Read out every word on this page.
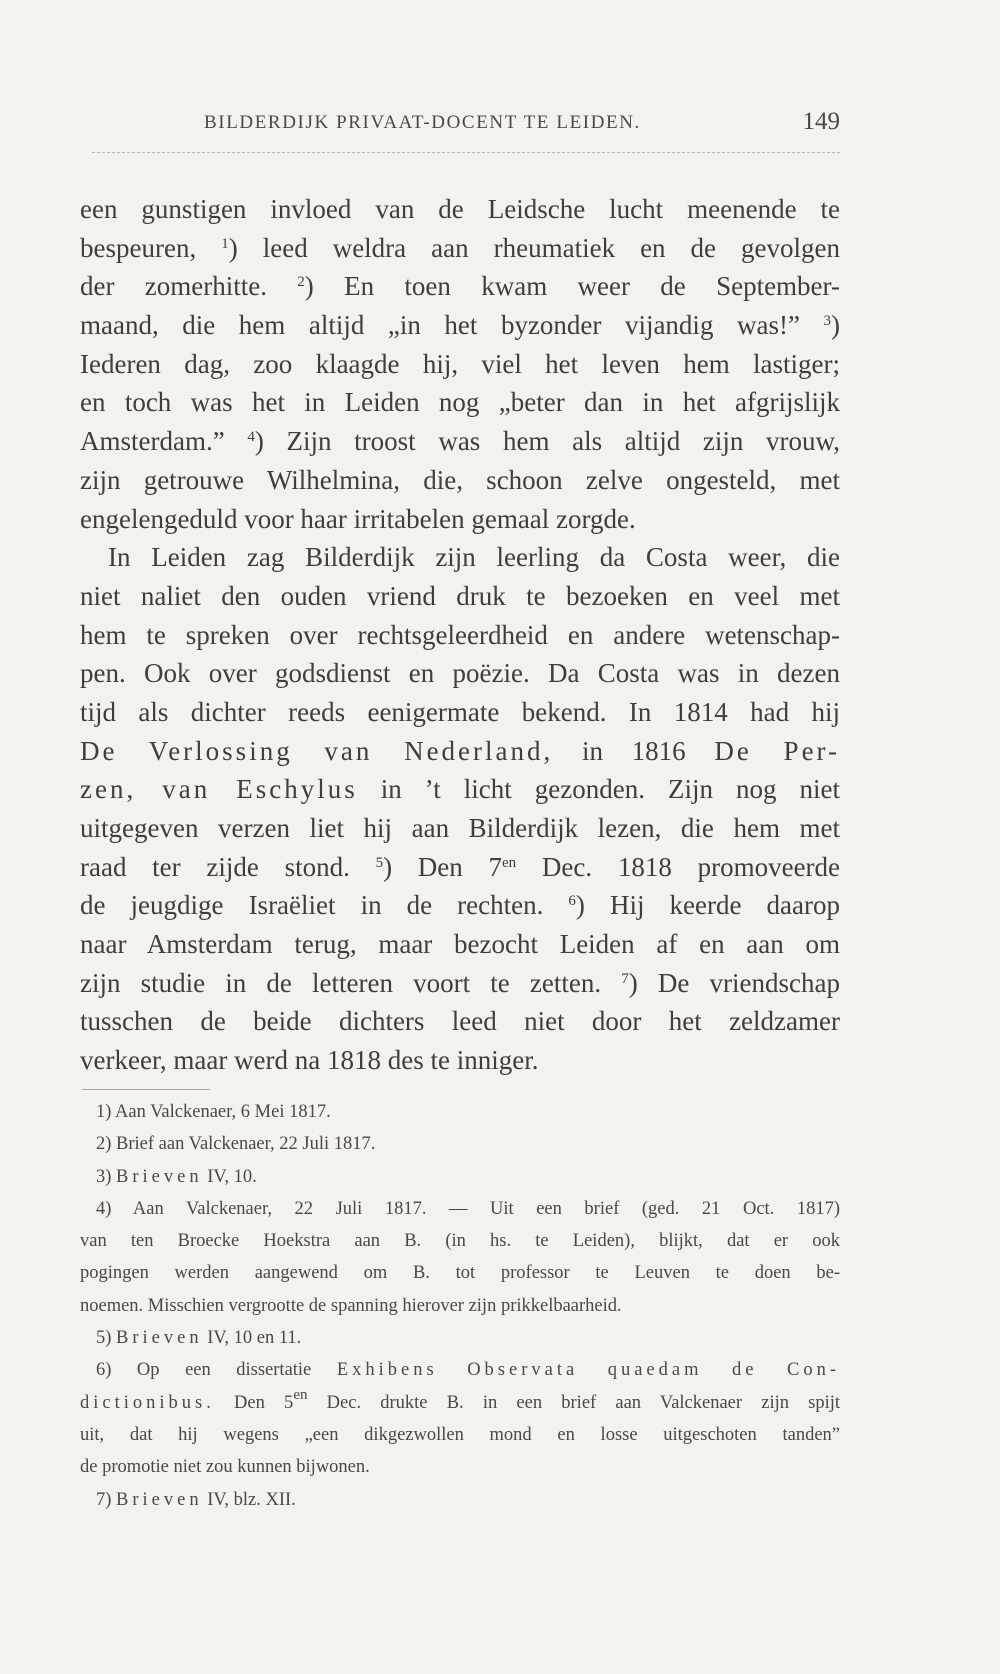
BILDERDIJK PRIVAAT-DOCENT TE LEIDEN.	149
een gunstigen invloed van de Leidsche lucht meenende te
bespeuren, $^1$) leed weldra aan rheumatiek en de gevolgen
der zomerhitte. $^2$) En toen kwam weer de September-
maand, die hem altijd „in het byzonder vijandig was!” $^3$)
Iederen dag, zoo klaagde hij, viel het leven hem lastiger;
en toch was het in Leiden nog „beter dan in het afgrijslijk
Amsterdam.” $^4$) Zijn troost was hem als altijd zijn vrouw,
zijn getrouwe Wilhelmina, die, schoon zelve ongesteld, met
engelengeduld voor haar irritabelen gemaal zorgde.
In Leiden zag Bilderdijk zijn leerling da Costa weer, die
niet naliet den ouden vriend druk te bezoeken en veel met
hem te spreken over rechtsgeleerdheid en andere wetenschap-
pen. Ook over godsdienst en poëzie. Da Costa was in dezen
tijd als dichter reeds eenigermate bekend. In 1814 had hij
De Verlossing van Nederland, in 1816 De Per-
zen, van Eschylus in ’t licht gezonden. Zijn nog niet
uitgegeven verzen liet hij aan Bilderdijk lezen, die hem met
raad ter zijde stond. $^5$) Den $7^{en}$ Dec. 1818 promoveerde
de jeugdige Israëliet in de rechten. $^6$) Hij keerde daarop
naar Amsterdam terug, maar bezocht Leiden af en aan om
zijn studie in de letteren voort te zetten. $^7$) De vriendschap
tusschen de beide dichters leed niet door het zeldzamer
verkeer, maar werd na 1818 des te inniger.
1) Aan Valckenaer, 6 Mei 1817.
2) Brief aan Valckenaer, 22 Juli 1817.
3) Brieven IV, 10.
4) Aan Valckenaer, 22 Juli 1817. — Uit een brief (ged. 21 Oct. 1817)
van ten Broecke Hoekstra aan B. (in hs. te Leiden), blijkt, dat er ook
pogingen werden aangewend om B. tot professor te Leuven te doen be-
noemen. Misschien vergrootte de spanning hierover zijn prikkelbaarheid.
5) Brieven IV, 10 en 11.
6) Op een dissertatie Exhibens Observata quaedam de Con-
dictionibus. Den $5^{en}$ Dec. drukte B. in een brief aan Valckenaer zijn spijt
uit, dat hij wegens „een dikgezwollen mond en losse uitgeschoten tanden”
de promotie niet zou kunnen bijwonen.
7) Brieven IV, blz. XII.
